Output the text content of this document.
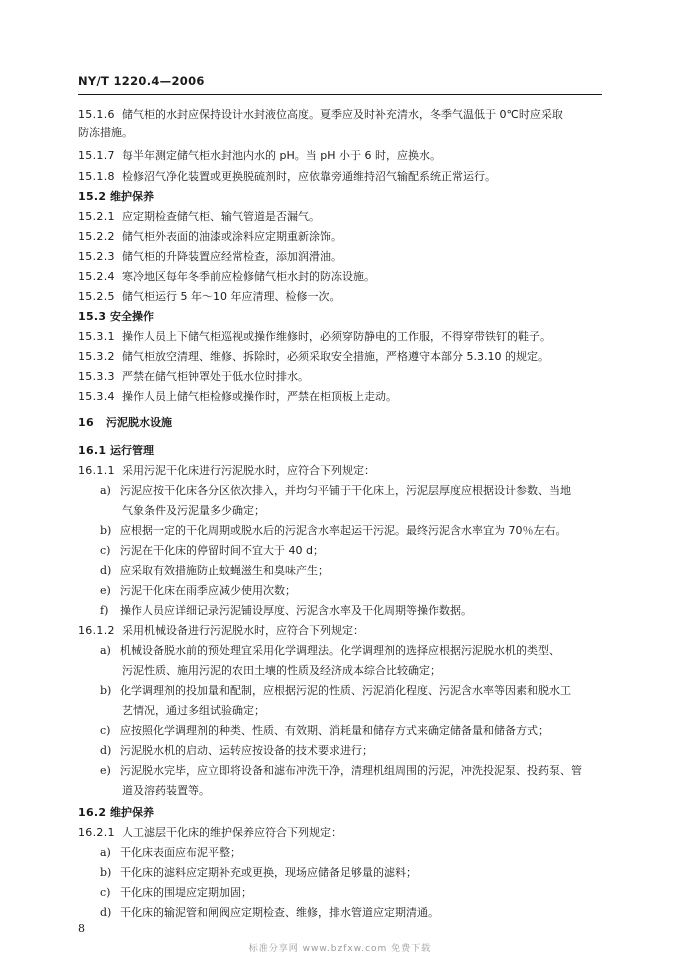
NY/T 1220.4—2006
15.1.6 储气柜的水封应保持设计水封液位高度。夏季应及时补充清水，冬季气温低于 0℃时应采取
防冻措施。
15.1.7 每半年测定储气柜水封池内水的 pH。当 pH 小于 6 时，应换水。
15.1.8 检修沼气净化装置或更换脱硫剂时，应依靠旁通维持沼气输配系统正常运行。
15.2 维护保养
15.2.1 应定期检查储气柜、输气管道是否漏气。
15.2.2 储气柜外表面的油漆或涂料应定期重新涂饰。
15.2.3 储气柜的升降装置应经常检查，添加润滑油。
15.2.4 寒冷地区每年冬季前应检修储气柜水封的防冻设施。
15.2.5 储气柜运行 5 年～10 年应清理、检修一次。
15.3 安全操作
15.3.1 操作人员上下储气柜巡视或操作维修时，必须穿防静电的工作服，不得穿带铁钉的鞋子。
15.3.2 储气柜放空清理、维修、拆除时，必须采取安全措施，严格遵守本部分 5.3.10 的规定。
15.3.3 严禁在储气柜钟罩处于低水位时排水。
15.3.4 操作人员上储气柜检修或操作时，严禁在柜顶板上走动。
16 污泥脱水设施
16.1 运行管理
16.1.1 采用污泥干化床进行污泥脱水时，应符合下列规定：
a) 污泥应按干化床各分区依次排入，并均匀平铺于干化床上，污泥层厚度应根据设计参数、当地
气象条件及污泥量多少确定；
b) 应根据一定的干化周期或脱水后的污泥含水率起运干污泥。最终污泥含水率宜为 70％左右。
c) 污泥在干化床的停留时间不宜大于 40 d；
d) 应采取有效措施防止蚊蝇滋生和臭味产生；
e) 污泥干化床在雨季应减少使用次数；
f) 操作人员应详细记录污泥铺设厚度、污泥含水率及干化周期等操作数据。
16.1.2 采用机械设备进行污泥脱水时，应符合下列规定：
a) 机械设备脱水前的预处理宜采用化学调理法。化学调理剂的选择应根据污泥脱水机的类型、
污泥性质、施用污泥的农田土壤的性质及经济成本综合比较确定；
b) 化学调理剂的投加量和配制，应根据污泥的性质、污泥消化程度、污泥含水率等因素和脱水工
艺情况，通过多组试验确定；
c) 应按照化学调理剂的种类、性质、有效期、消耗量和储存方式来确定储备量和储备方式；
d) 污泥脱水机的启动、运转应按设备的技术要求进行；
e) 污泥脱水完毕，应立即将设备和滤布冲洗干净，清理机组周围的污泥，冲洗投泥泵、投药泵、管
道及溶药装置等。
16.2 维护保养
16.2.1 人工滤层干化床的维护保养应符合下列规定：
a) 干化床表面应布泥平整；
b) 干化床的滤料应定期补充或更换，现场应储备足够量的滤料；
c) 干化床的围堤应定期加固；
d) 干化床的输泥管和闸阀应定期检查、维修，排水管道应定期清通。
8
标准分享网 www.bzfxw.com 免费下载
